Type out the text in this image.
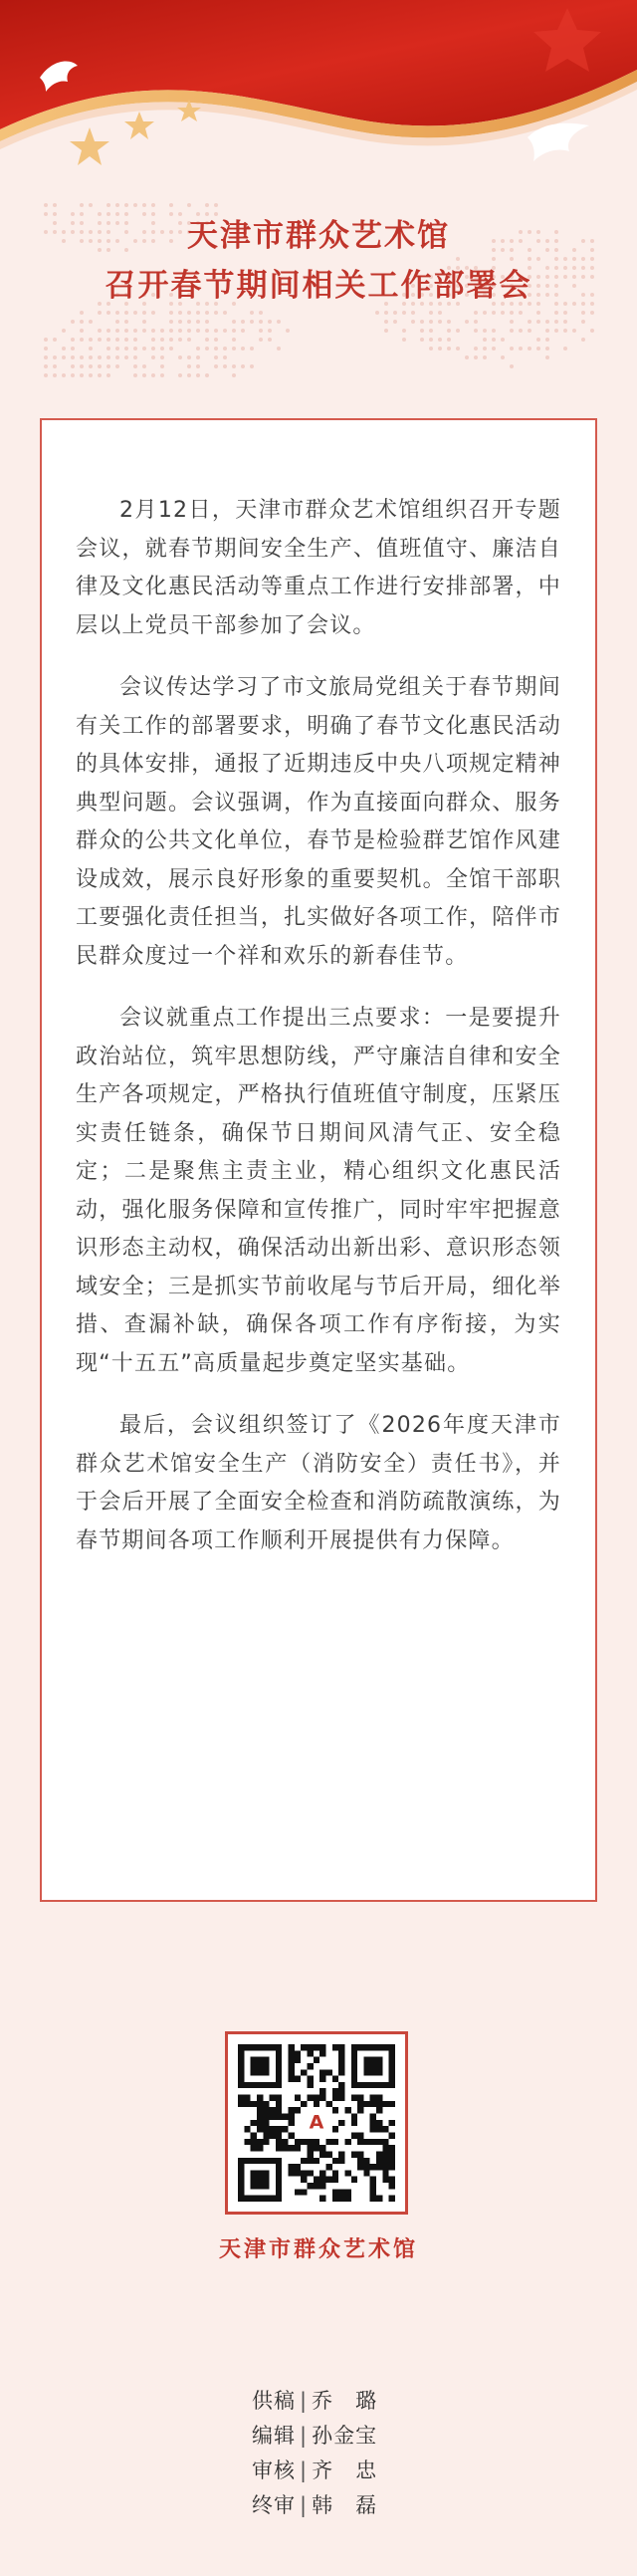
天津市群众艺术馆
召开春节期间相关工作部署会

2月12日，天津市群众艺术馆组织召开专题会议，就春节期间安全生产、值班值守、廉洁自律及文化惠民活动等重点工作进行安排部署，中层以上党员干部参加了会议。

会议传达学习了市文旅局党组关于春节期间有关工作的部署要求，明确了春节文化惠民活动的具体安排，通报了近期违反中央八项规定精神典型问题。会议强调，作为直接面向群众、服务群众的公共文化单位，春节是检验群艺馆作风建设成效，展示良好形象的重要契机。全馆干部职工要强化责任担当，扎实做好各项工作，陪伴市民群众度过一个祥和欢乐的新春佳节。

会议就重点工作提出三点要求：一是要提升政治站位，筑牢思想防线，严守廉洁自律和安全生产各项规定，严格执行值班值守制度，压紧压实责任链条，确保节日期间风清气正、安全稳定；二是聚焦主责主业，精心组织文化惠民活动，强化服务保障和宣传推广，同时牢牢把握意识形态主动权，确保活动出新出彩、意识形态领域安全；三是抓实节前收尾与节后开局，细化举措、查漏补缺，确保各项工作有序衔接，为实现“十五五”高质量起步奠定坚实基础。

最后，会议组织签订了《2026年度天津市群众艺术馆安全生产（消防安全）责任书》，并于会后开展了全面安全检查和消防疏散演练，为春节期间各项工作顺利开展提供有力保障。

A
天津市群众艺术馆
供稿 | 乔　璐
编辑 | 孙金宝
审核 | 齐　忠
终审 | 韩　磊
